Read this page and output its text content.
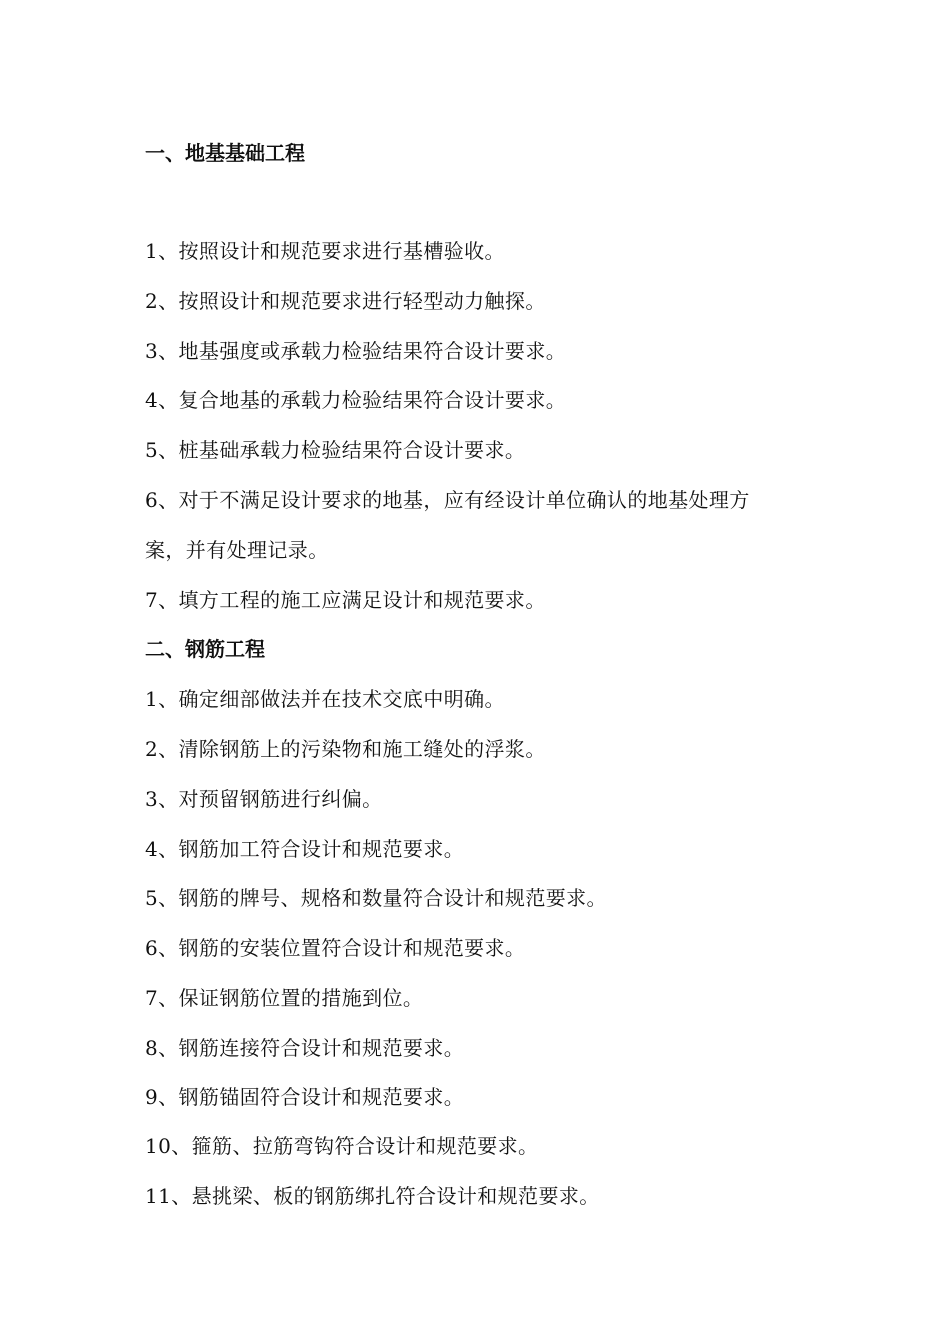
一、地基基础工程
1、按照设计和规范要求进行基槽验收。
2、按照设计和规范要求进行轻型动力触探。
3、地基强度或承载力检验结果符合设计要求。
4、复合地基的承载力检验结果符合设计要求。
5、桩基础承载力检验结果符合设计要求。
6、对于不满足设计要求的地基，应有经设计单位确认的地基处理方
案，并有处理记录。
7、填方工程的施工应满足设计和规范要求。
二、钢筋工程
1、确定细部做法并在技术交底中明确。
2、清除钢筋上的污染物和施工缝处的浮浆。
3、对预留钢筋进行纠偏。
4、钢筋加工符合设计和规范要求。
5、钢筋的牌号、规格和数量符合设计和规范要求。
6、钢筋的安装位置符合设计和规范要求。
7、保证钢筋位置的措施到位。
8、钢筋连接符合设计和规范要求。
9、钢筋锚固符合设计和规范要求。
10、箍筋、拉筋弯钩符合设计和规范要求。
11、悬挑梁、板的钢筋绑扎符合设计和规范要求。
